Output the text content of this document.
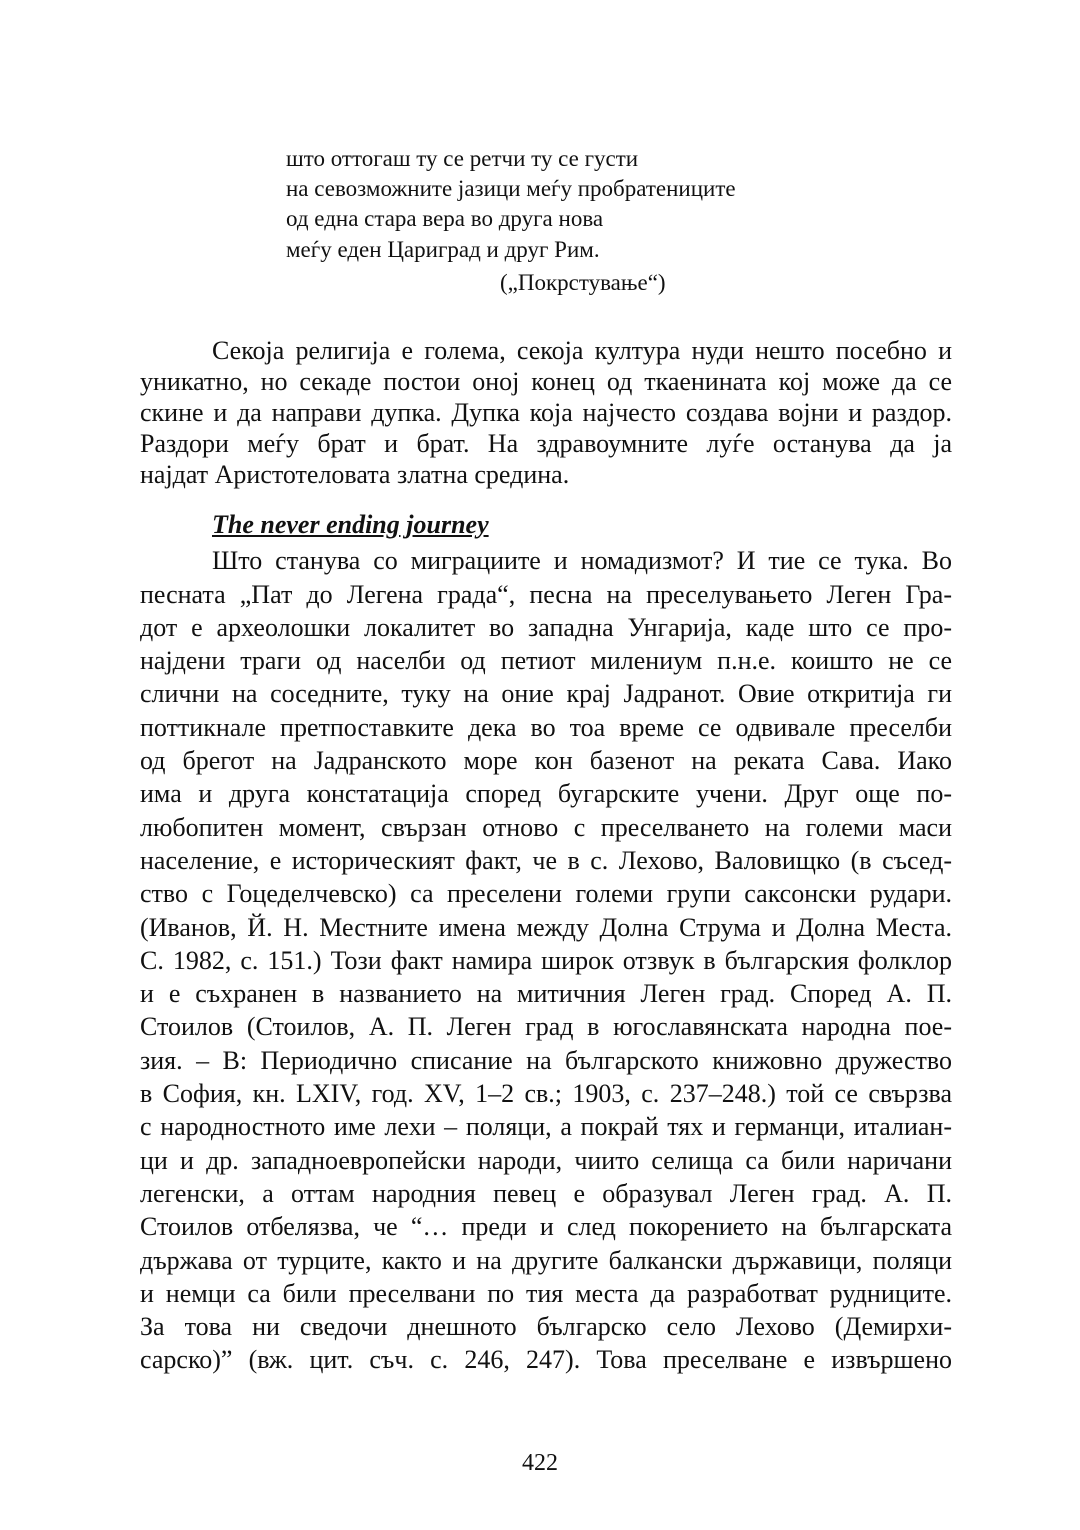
што оттогаш ту се ретчи ту се густи
на севозможните јазици меѓу пробратениците
од една стара вера во друга нова
меѓу еден Цариград и друг Рим.
(„Покрстување“)
Секоја религија е голема, секоја култура нуди нешто посебно и
уникатно, но секаде постои оној конец од ткаенината кој може да се
скине и да направи дупка. Дупка која најчесто создава војни и раздор.
Раздори меѓу брат и брат. На здравоумните луѓе останува да ја
најдат Аристотеловата златна средина.
The never ending journey
Што станува со миграциите и номадизмот? И тие се тука. Во
песната „Пат до Легена града“, песна на преселувањето Леген Гра-
дот е археолошки локалитет во западна Унгарија, каде што се про-
најдени траги од населби од петиот милениум п.н.е. коишто не се
слични на соседните, туку на оние крај Јадранот. Овие откритија ги
поттикнале претпоставките дека во тоа време се одвивале преселби
од брегот на Јадранското море кон базенот на реката Сава. Иако
има и друга констатација според бугарските учени. Друг още по-
любопитен момент, свързан отново с преселването на големи маси
население, е историческият факт, че в с. Лехово, Валовищко (в съсед-
ство с Гоцеделчевско) са преселени големи групи саксонски рудари.
(Иванов, Й. Н. Местните имена между Долна Струма и Долна Места.
С. 1982, с. 151.) Този факт намира широк отзвук в българския фолклор
и е съхранен в названието на митичния Леген град. Според А. П.
Стоилов (Стоилов, А. П. Леген град в югославянската народна пое-
зия. – В: Периодично списание на българското книжовно дружество
в София, кн. LXIV, год. XV, 1–2 св.; 1903, с. 237–248.) той се свързва
с народностното име лехи – поляци, а покрай тях и германци, италиан-
ци и др. западноевропейски народи, чиито селища са били наричани
легенски, а оттам народния певец е образувал Леген град. А. П.
Стоилов отбелязва, че “… преди и след покорението на българската
държава от турците, както и на другите балкански държавици, поляци
и немци са били преселвани по тия места да разработват рудниците.
За това ни сведочи днешното българско село Лехово (Демирхи-
сарско)” (вж. цит. съч. с. 246, 247). Това преселване е извършено
422
